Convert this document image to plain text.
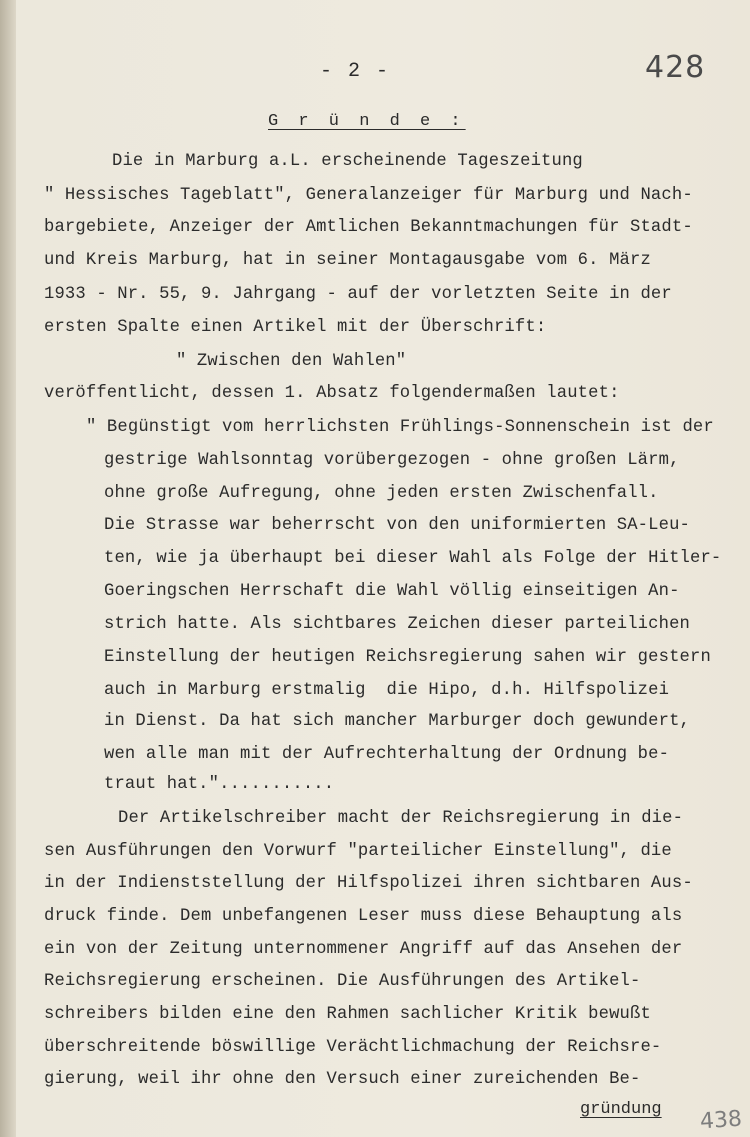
- 2 -	428
G r ü n d e :
Die in Marburg a.L. erscheinende Tageszeitung
" Hessisches Tageblatt", Generalanzeiger für Marburg und Nach-
bargebiete, Anzeiger der Amtlichen Bekanntmachungen für Stadt-
und Kreis Marburg, hat in seiner Montagausgabe vom 6. März
1933 - Nr. 55, 9. Jahrgang - auf der vorletzten Seite in der
ersten Spalte einen Artikel mit der Überschrift:
" Zwischen den Wahlen"
veröffentlicht, dessen 1. Absatz folgendermaßen lautet:
" Begünstigt vom herrlichsten Frühlings-Sonnenschein ist der
gestrige Wahlsonntag vorübergezogen - ohne großen Lärm,
ohne große Aufregung, ohne jeden ersten Zwischenfall.
Die Strasse war beherrscht von den uniformierten SA-Leu-
ten, wie ja überhaupt bei dieser Wahl als Folge der Hitler-
Goeringschen Herrschaft die Wahl völlig einseitigen An-
strich hatte. Als sichtbares Zeichen dieser parteilichen
Einstellung der heutigen Reichsregierung sahen wir gestern
auch in Marburg erstmalig  die Hipo, d.h. Hilfspolizei
in Dienst. Da hat sich mancher Marburger doch gewundert,
wen alle man mit der Aufrechterhaltung der Ordnung be-
traut hat."...........
Der Artikelschreiber macht der Reichsregierung in die-
sen Ausführungen den Vorwurf "parteilicher Einstellung", die
in der Indienststellung der Hilfspolizei ihren sichtbaren Aus-
druck finde. Dem unbefangenen Leser muss diese Behauptung als
ein von der Zeitung unternommener Angriff auf das Ansehen der
Reichsregierung erscheinen. Die Ausführungen des Artikel-
schreibers bilden eine den Rahmen sachlicher Kritik bewußt
überschreitende böswillige Verächtlichmachung der Reichsre-
gierung, weil ihr ohne den Versuch einer zureichenden Be-
gründung 438
